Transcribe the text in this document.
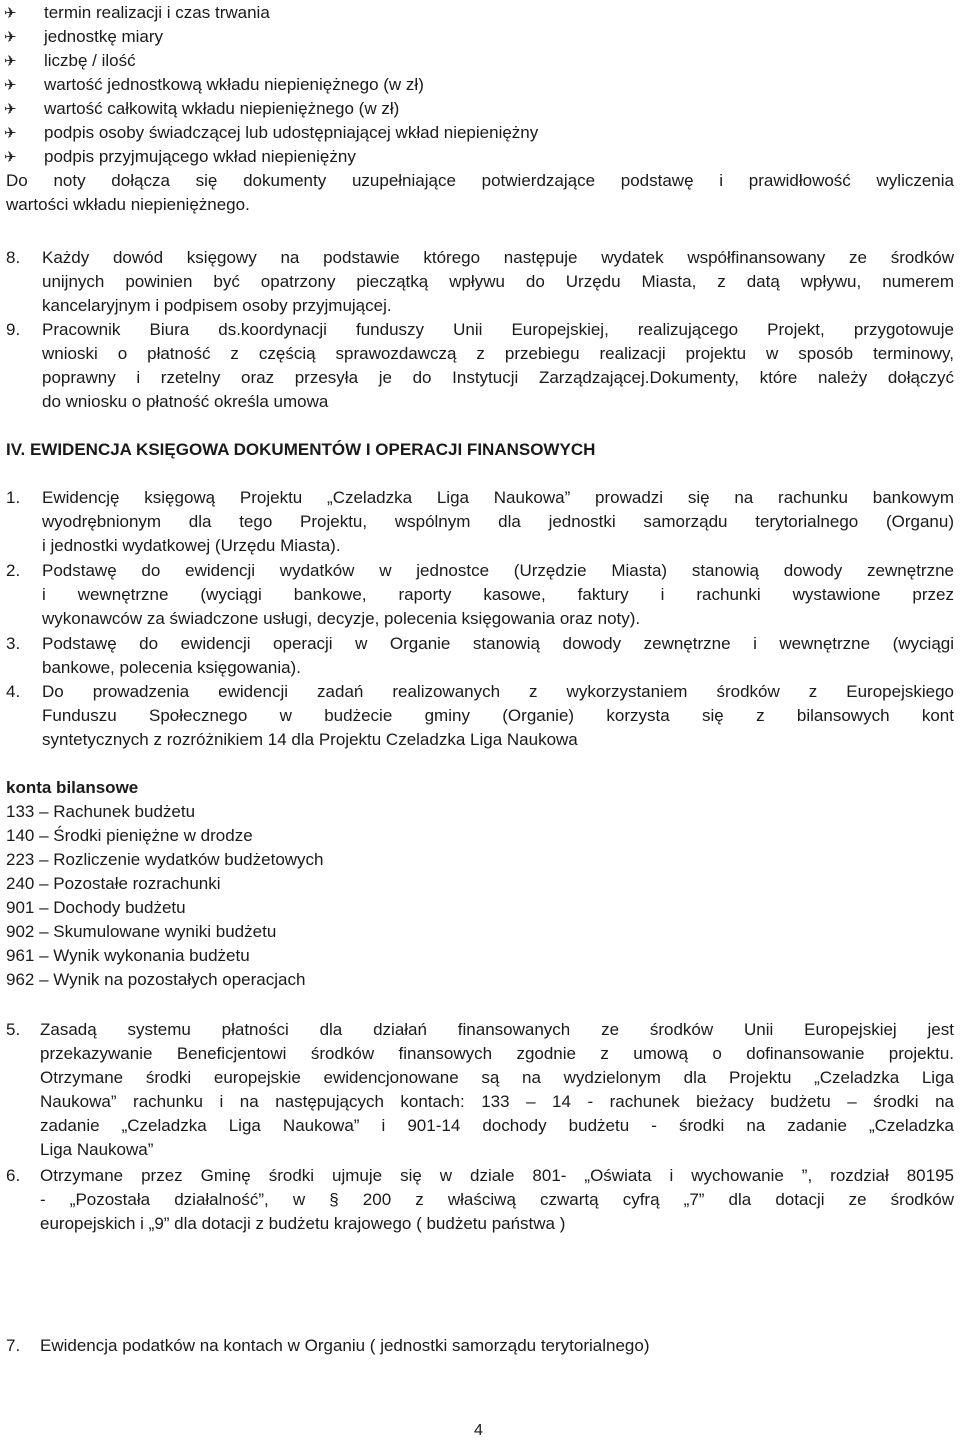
✈	termin realizacji i czas trwania
✈	jednostkę miary
✈	liczbę / ilość
✈	wartość jednostkową wkładu niepieniężnego (w zł)
✈	wartość całkowitą wkładu niepieniężnego (w zł)
✈	podpis osoby świadczącej lub udostępniającej wkład niepieniężny
✈	podpis przyjmującego wkład niepieniężny
Do noty dołącza się dokumenty uzupełniające potwierdzające podstawę i prawidłowość wyliczenia
wartości wkładu niepieniężnego.
8. Każdy dowód księgowy na podstawie którego następuje wydatek współfinansowany ze środków
unijnych powinien być opatrzony pieczątką wpływu do Urzędu Miasta, z datą wpływu, numerem
kancelaryjnym i podpisem osoby przyjmującej.
9. Pracownik Biura ds.koordynacji funduszy Unii Europejskiej, realizującego Projekt, przygotowuje
wnioski o płatność z częścią sprawozdawczą z przebiegu realizacji projektu w sposób terminowy,
poprawny i rzetelny oraz przesyła je do Instytucji Zarządzającej.Dokumenty, które należy dołączyć
do wniosku o płatność określa umowa
IV. EWIDENCJA KSIĘGOWA DOKUMENTÓW I OPERACJI FINANSOWYCH
1. Ewidencję księgową Projektu „Czeladzka Liga Naukowa” prowadzi się na rachunku bankowym
wyodrębnionym dla tego Projektu, wspólnym dla jednostki samorządu terytorialnego (Organu)
i jednostki wydatkowej (Urzędu Miasta).
2. Podstawę do ewidencji wydatków w jednostce (Urzędzie Miasta) stanowią dowody zewnętrzne
i wewnętrzne (wyciągi bankowe, raporty kasowe, faktury i rachunki wystawione przez
wykonawców za świadczone usługi, decyzje, polecenia księgowania oraz noty).
3. Podstawę do ewidencji operacji w Organie stanowią dowody zewnętrzne i wewnętrzne (wyciągi
bankowe, polecenia księgowania).
4. Do prowadzenia ewidencji zadań realizowanych z wykorzystaniem środków z Europejskiego
Funduszu Społecznego w budżecie gminy (Organie) korzysta się z bilansowych kont
syntetycznych z rozróżnikiem 14 dla Projektu Czeladzka Liga Naukowa
konta bilansowe
133 – Rachunek budżetu
140 – Środki pieniężne w drodze
223 – Rozliczenie wydatków budżetowych
240 – Pozostałe rozrachunki
901 – Dochody budżetu
902 – Skumulowane wyniki budżetu
961 – Wynik wykonania budżetu
962 – Wynik na pozostałych operacjach
5. Zasadą systemu płatności dla działań finansowanych ze środków Unii Europejskiej jest
przekazywanie Beneficjentowi środków finansowych zgodnie z umową o dofinansowanie projektu.
Otrzymane środki europejskie ewidencjonowane są na wydzielonym dla Projektu „Czeladzka Liga
Naukowa” rachunku i na następujących kontach: 133 – 14 - rachunek bieżacy budżetu – środki na
zadanie „Czeladzka Liga Naukowa” i 901-14 dochody budżetu - środki na zadanie „Czeladzka
Liga Naukowa”
6. Otrzymane przez Gminę środki ujmuje się w dziale 801- „Oświata i wychowanie ”, rozdział 80195
- „Pozostała działalność”, w § 200 z właściwą czwartą cyfrą „7” dla dotacji ze środków
europejskich i „9” dla dotacji z budżetu krajowego ( budżetu państwa )
7. Ewidencja podatków na kontach w Organiu ( jednostki samorządu terytorialnego)
4
